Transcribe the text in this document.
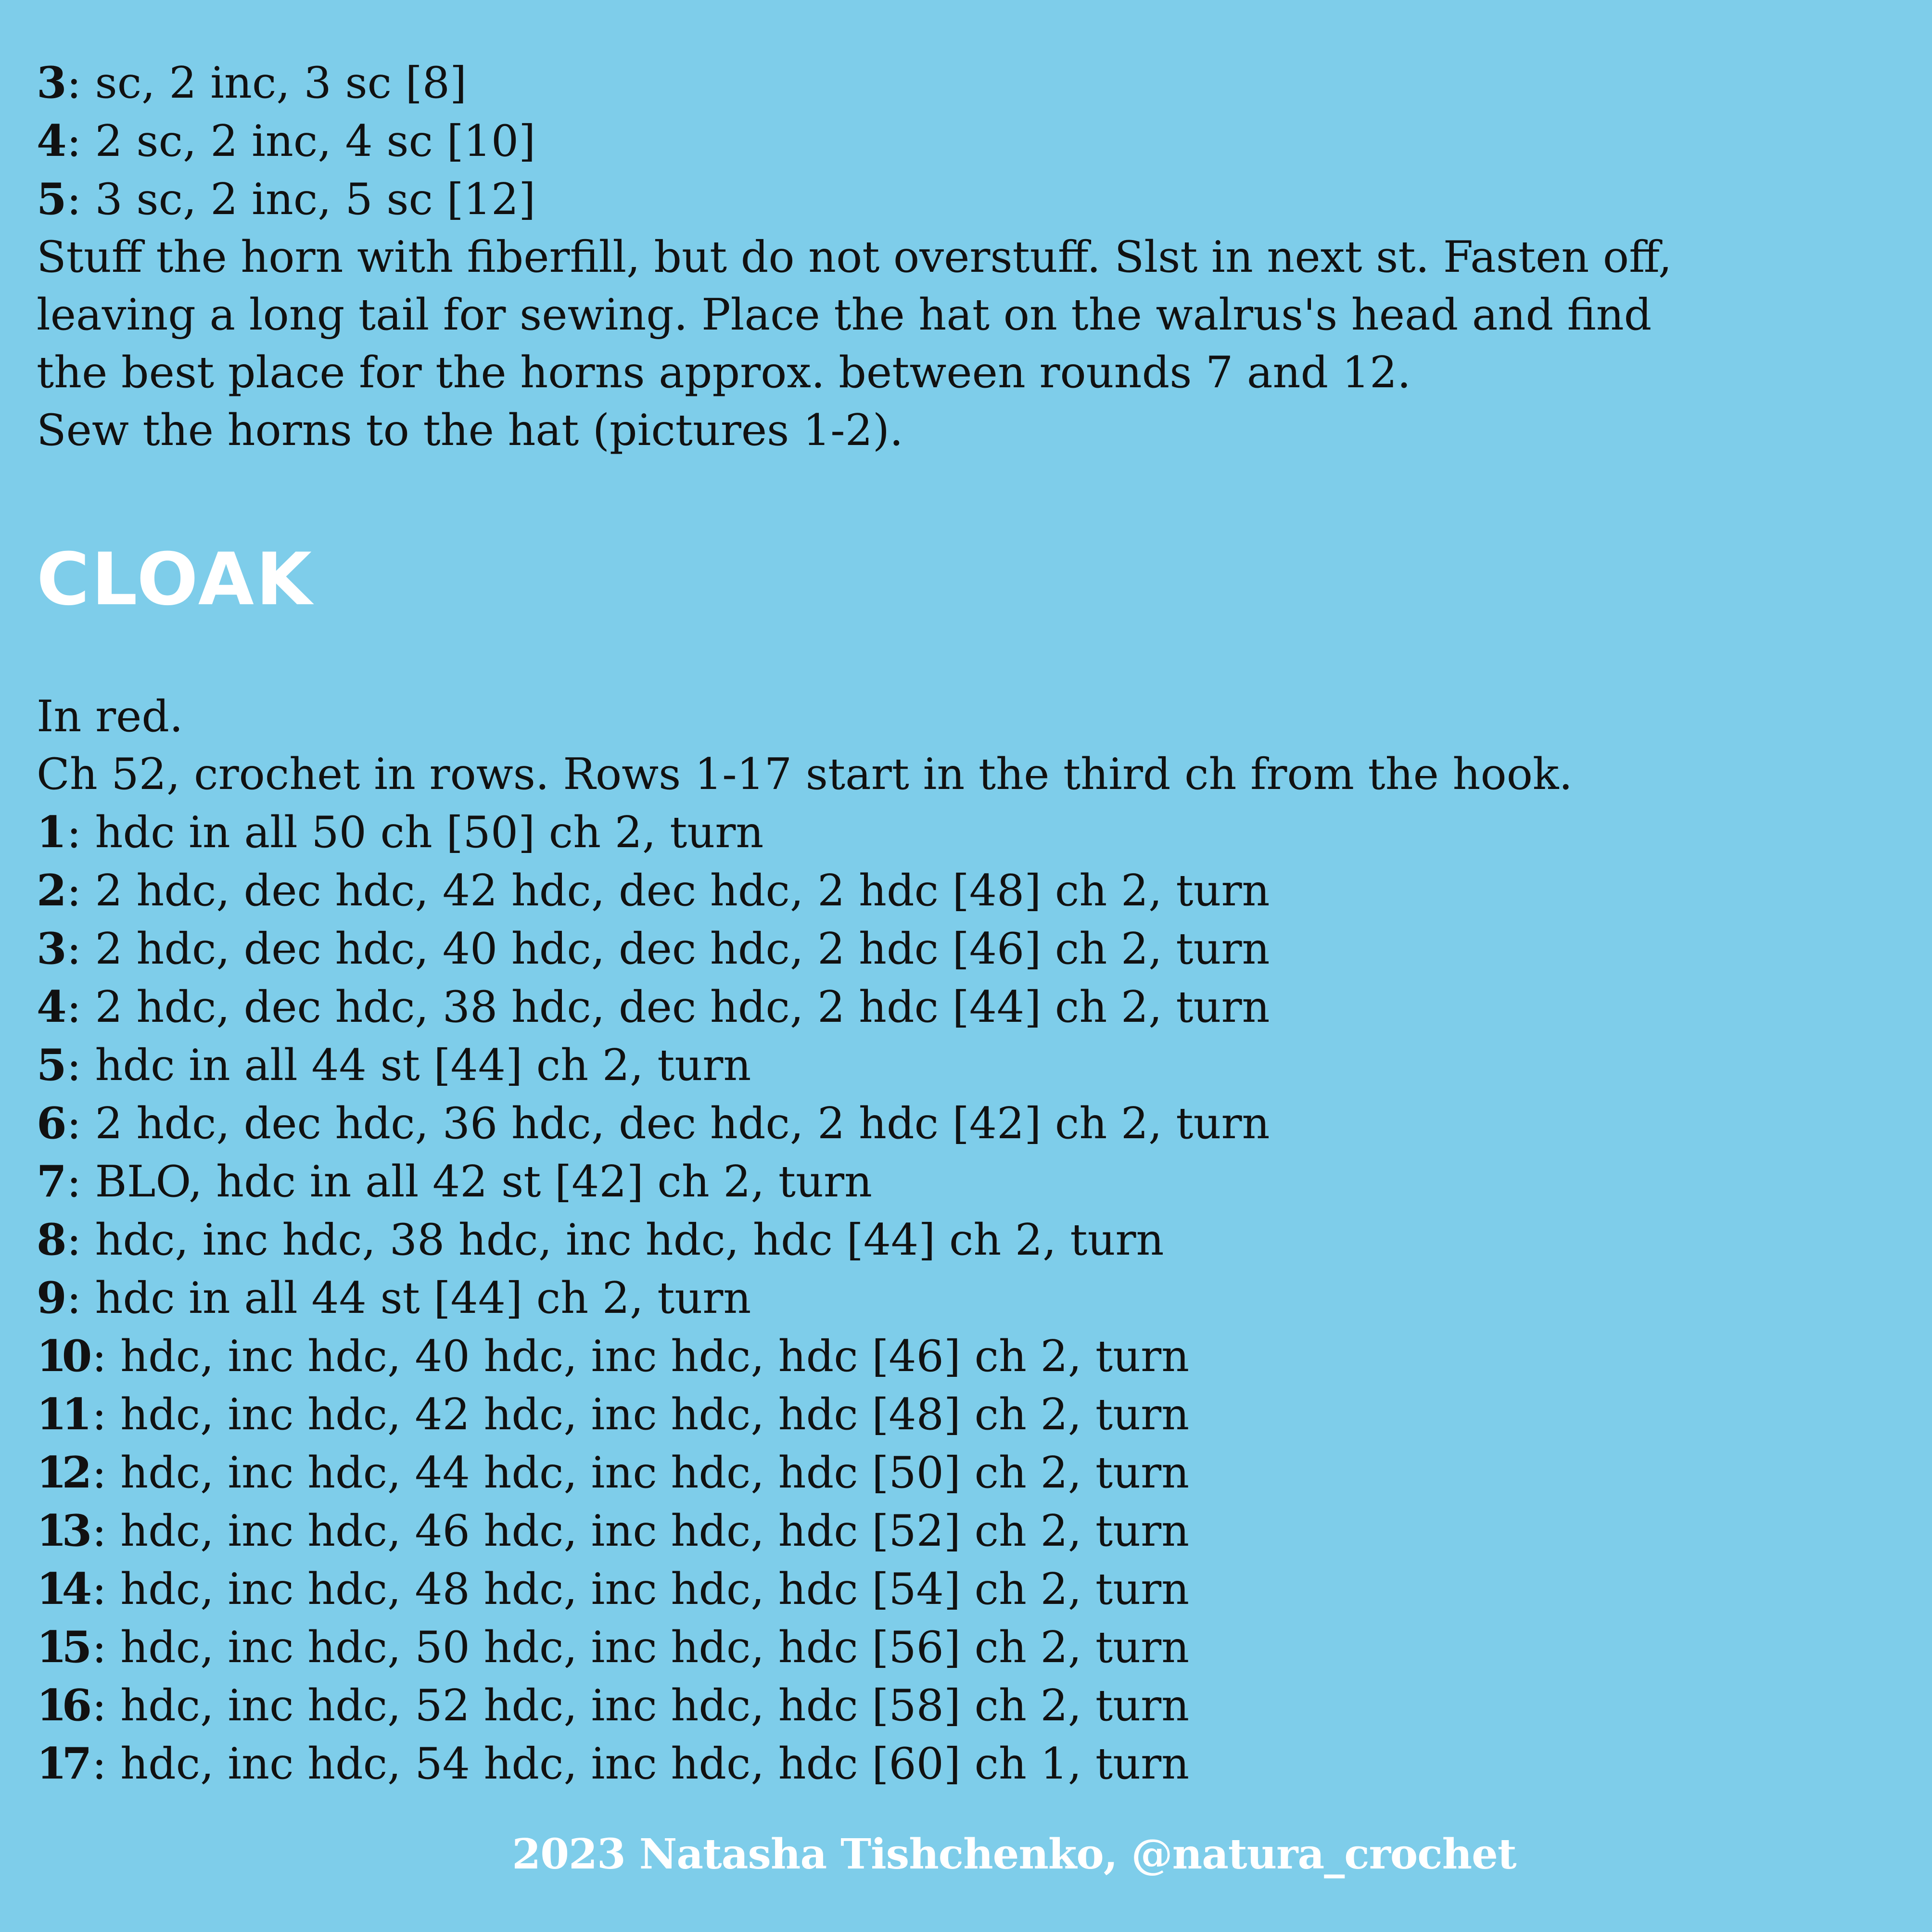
3 : sc, 2 inc, 3 sc [8]
4 : 2 sc, 2 inc, 4 sc [10]
5 : 3 sc, 2 inc, 5 sc [12]
Stuff the horn with fiberfill, but do not overstuff. Slst in next st. Fasten off,
leaving a long tail for sewing. Place the hat on the walrus's head and find
the best place for the horns approx. between rounds 7 and 12.
Sew the horns to the hat (pictures 1-2).
CLOAK
In red.
Ch 52, crochet in rows. Rows 1-17 start in the third ch from the hook.
1 : hdc in all 50 ch [50] ch 2, turn
2 : 2 hdc, dec hdc, 42 hdc, dec hdc, 2 hdc [48] ch 2, turn
3 : 2 hdc, dec hdc, 40 hdc, dec hdc, 2 hdc [46] ch 2, turn
4 : 2 hdc, dec hdc, 38 hdc, dec hdc, 2 hdc [44] ch 2, turn
5 : hdc in all 44 st [44] ch 2, turn
6 : 2 hdc, dec hdc, 36 hdc, dec hdc, 2 hdc [42] ch 2, turn
7 : BLO, hdc in all 42 st [42] ch 2, turn
8 : hdc, inc hdc, 38 hdc, inc hdc, hdc [44] ch 2, turn
9 : hdc in all 44 st [44] ch 2, turn
10 : hdc, inc hdc, 40 hdc, inc hdc, hdc [46] ch 2, turn
11 : hdc, inc hdc, 42 hdc, inc hdc, hdc [48] ch 2, turn
12 : hdc, inc hdc, 44 hdc, inc hdc, hdc [50] ch 2, turn
13 : hdc, inc hdc, 46 hdc, inc hdc, hdc [52] ch 2, turn
14 : hdc, inc hdc, 48 hdc, inc hdc, hdc [54] ch 2, turn
15 : hdc, inc hdc, 50 hdc, inc hdc, hdc [56] ch 2, turn
16 : hdc, inc hdc, 52 hdc, inc hdc, hdc [58] ch 2, turn
17 : hdc, inc hdc, 54 hdc, inc hdc, hdc [60] ch 1, turn
2023 Natasha Tishchenko, @natura_crochet
